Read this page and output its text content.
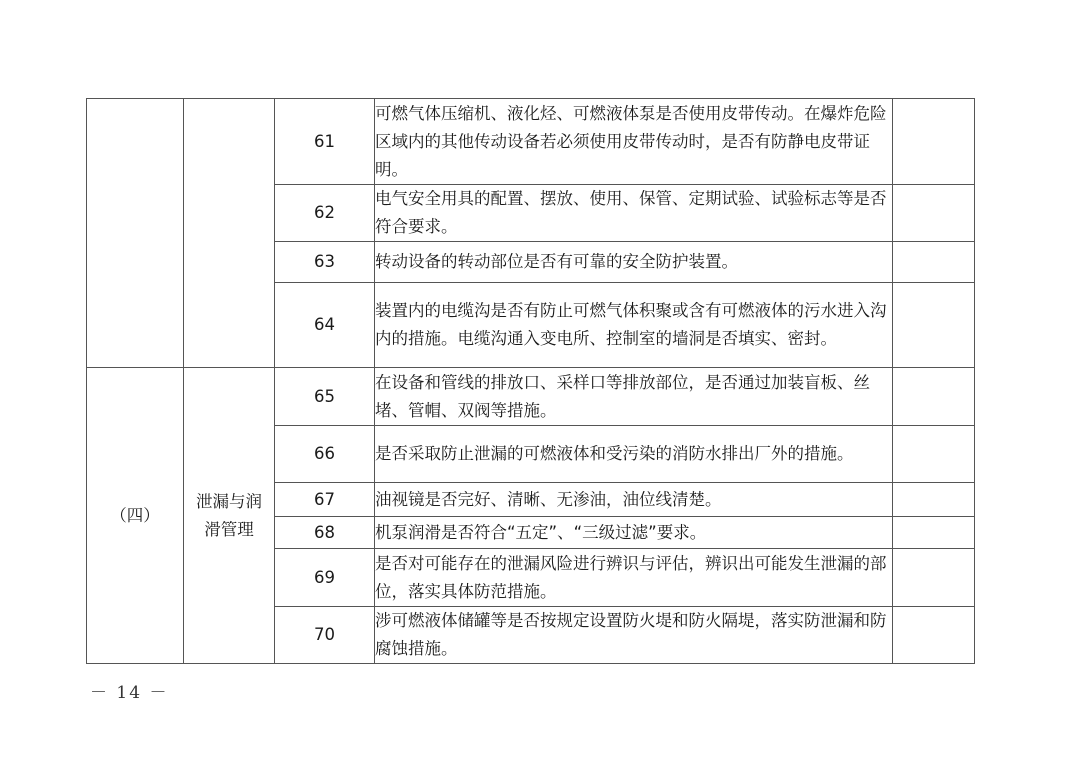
		61	可燃气体压缩机、液化烃、可燃液体泵是否使用皮带传动。在爆炸危险区域内的其他传动设备若必须使用皮带传动时，是否有防静电皮带证明。	
		62	电气安全用具的配置、摆放、使用、保管、定期试验、试验标志等是否符合要求。	
		63	转动设备的转动部位是否有可靠的安全防护装置。	
		64	装置内的电缆沟是否有防止可燃气体积聚或含有可燃液体的污水进入沟内的措施。电缆沟通入变电所、控制室的墙洞是否填实、密封。	
（四）	泄漏与润滑管理	65	在设备和管线的排放口、采样口等排放部位，是否通过加装盲板、丝堵、管帽、双阀等措施。	
		66	是否采取防止泄漏的可燃液体和受污染的消防水排出厂外的措施。	
		67	油视镜是否完好、清晰、无渗油，油位线清楚。	
		68	机泵润滑是否符合“五定”、“三级过滤”要求。	
		69	是否对可能存在的泄漏风险进行辨识与评估，辨识出可能发生泄漏的部位，落实具体防范措施。	
		70	涉可燃液体储罐等是否按规定设置防火堤和防火隔堤，落实防泄漏和防腐蚀措施。	
－ 14 －
